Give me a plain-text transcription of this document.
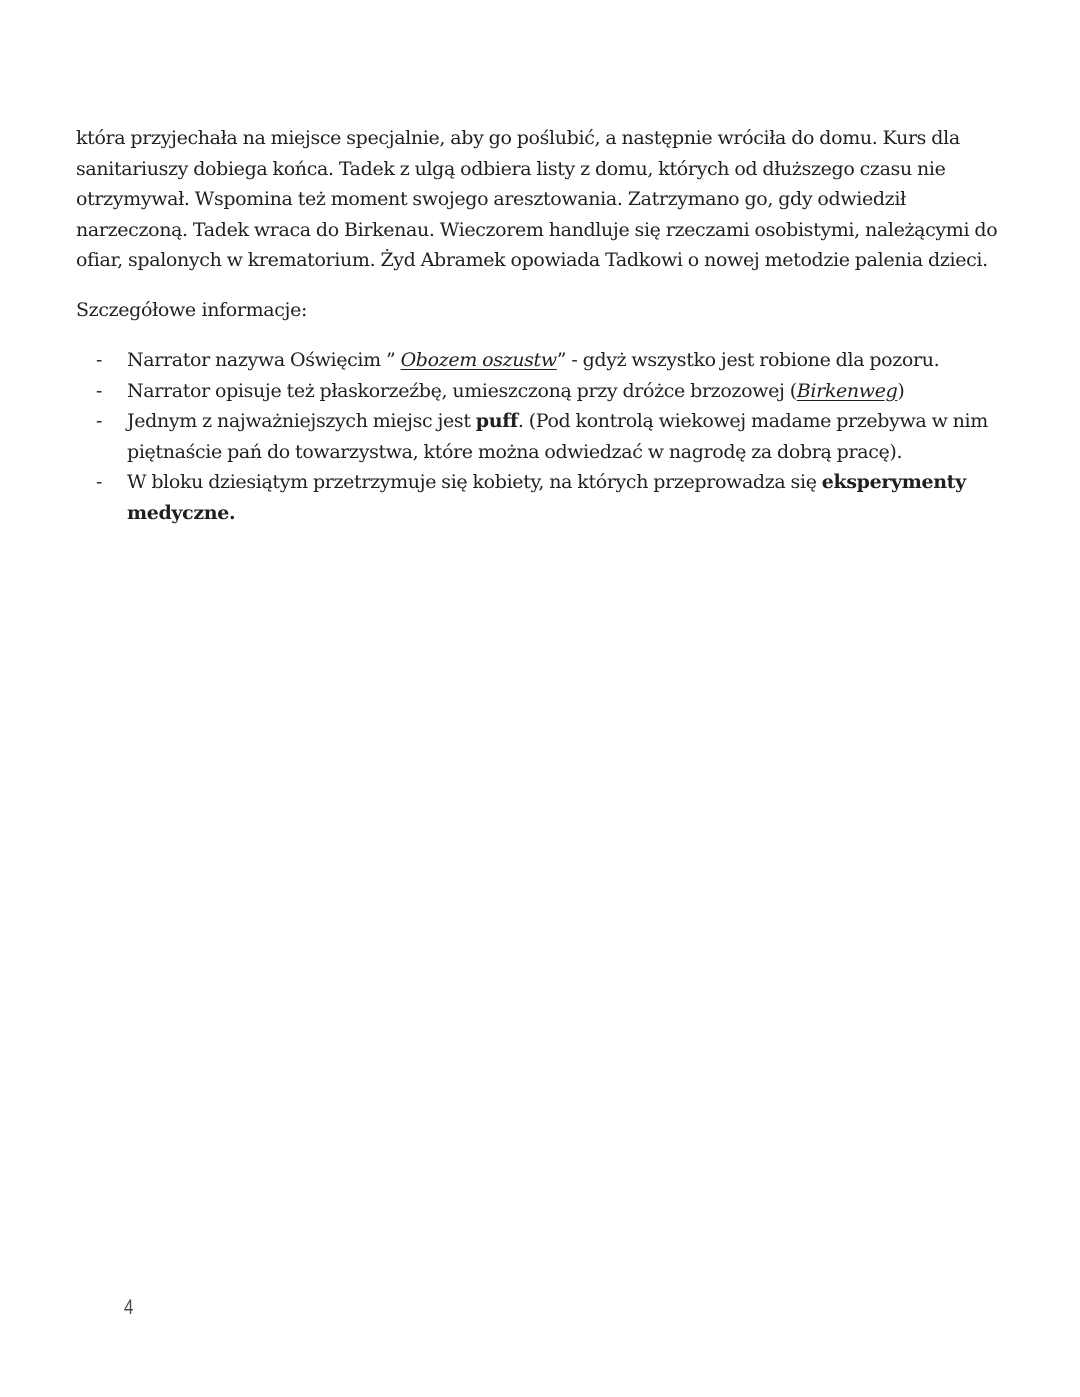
która przyjechała na miejsce specjalnie, aby go poślubić, a następnie wróciła do domu. Kurs dla sanitariuszy dobiega końca. Tadek z ulgą odbiera listy z domu, których od dłuższego czasu nie otrzymywał. Wspomina też moment swojego aresztowania. Zatrzymano go, gdy odwiedził narzeczoną. Tadek wraca do Birkenau. Wieczorem handluje się rzeczami osobistymi, należącymi do ofiar, spalonych w krematorium. Żyd Abramek opowiada Tadkowi o nowej metodzie palenia dzieci.

Szczegółowe informacje:

- Narrator nazywa Oświęcim ” Obozem oszustw” - gdyż wszystko jest robione dla pozoru.
- Narrator opisuje też płaskorzeźbę, umieszczoną przy dróżce brzozowej (Birkenweg)
- Jednym z najważniejszych miejsc jest puff. (Pod kontrolą wiekowej madame przebywa w nim piętnaście pań do towarzystwa, które można odwiedzać w nagrodę za dobrą pracę).
- W bloku dziesiątym przetrzymuje się kobiety, na których przeprowadza się eksperymenty medyczne.
4
